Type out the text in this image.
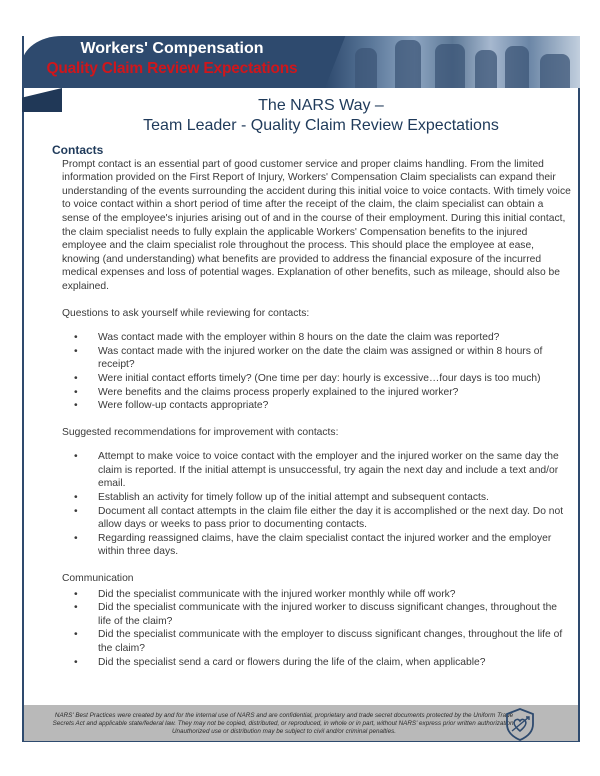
Workers' Compensation
Quality Claim Review Expectations
The NARS Way –
Team Leader - Quality Claim Review Expectations
Contacts

Prompt contact is an essential part of good customer service and proper claims handling. From the limited information provided on the First Report of Injury, Workers' Compensation Claim specialists can expand their understanding of the events surrounding the accident during this initial voice to voice contacts. With timely voice to voice contact within a short period of time after the receipt of the claim, the claim specialist can obtain a sense of the employee's injuries arising out of and in the course of their employment. During this initial contact, the claim specialist needs to fully explain the applicable Workers' Compensation benefits to the injured employee and the claim specialist role throughout the process. This should place the employee at ease, knowing (and understanding) what benefits are provided to address the financial exposure of the incurred medical expenses and loss of potential wages. Explanation of other benefits, such as mileage, should also be explained.

Questions to ask yourself while reviewing for contacts:

• Was contact made with the employer within 8 hours on the date the claim was reported?
• Was contact made with the injured worker on the date the claim was assigned or within 8 hours of receipt?
• Were initial contact efforts timely? (One time per day: hourly is excessive…four days is too much)
• Were benefits and the claims process properly explained to the injured worker?
• Were follow-up contacts appropriate?

Suggested recommendations for improvement with contacts:

• Attempt to make voice to voice contact with the employer and the injured worker on the same day the claim is reported. If the initial attempt is unsuccessful, try again the next day and include a text and/or email.
• Establish an activity for timely follow up of the initial attempt and subsequent contacts.
• Document all contact attempts in the claim file either the day it is accomplished or the next day. Do not allow days or weeks to pass prior to documenting contacts.
• Regarding reassigned claims, have the claim specialist contact the injured worker and the employer within three days.

Communication

• Did the specialist communicate with the injured worker monthly while off work?
• Did the specialist communicate with the injured worker to discuss significant changes, throughout the life of the claim?
• Did the specialist communicate with the employer to discuss significant changes, throughout the life of the claim?
• Did the specialist send a card or flowers during the life of the claim, when applicable?
NARS' Best Practices were created by and for the internal use of NARS and are confidential, proprietary and trade secret documents protected by the Uniform Trade Secrets Act and applicable state/federal law. They may not be copied, distributed, or reproduced, in whole or in part, without NARS' express prior written authorization. Unauthorized use or distribution may be subject to civil and/or criminal penalties.
